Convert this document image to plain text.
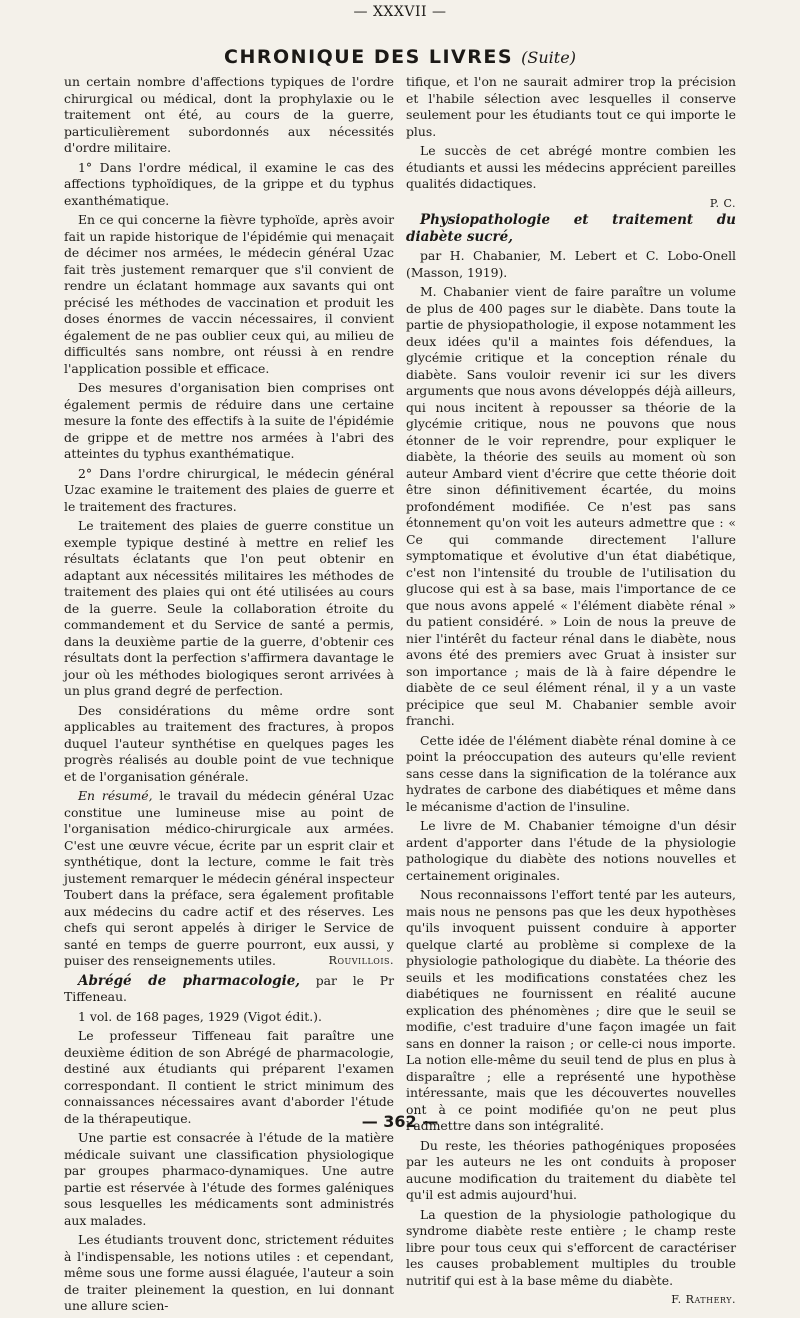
— XXXVII —
CHRONIQUE DES LIVRES (Suite)

un certain nombre d'affections typiques de l'ordre chirurgical ou médical, dont la prophylaxie ou le traitement ont été, au cours de la guerre, particulièrement subordonnés aux nécessités d'ordre militaire.

1° Dans l'ordre médical, il examine le cas des affections typhoïdiques, de la grippe et du typhus exanthématique.

En ce qui concerne la fièvre typhoïde, après avoir fait un rapide historique de l'épidémie qui menaçait de décimer nos armées, le médecin général Uzac fait très justement remarquer que s'il convient de rendre un éclatant hommage aux savants qui ont précisé les méthodes de vaccination et produit les doses énormes de vaccin nécessaires, il convient également de ne pas oublier ceux qui, au milieu de difficultés sans nombre, ont réussi à en rendre l'application possible et efficace.

Des mesures d'organisation bien comprises ont également permis de réduire dans une certaine mesure la fonte des effectifs à la suite de l'épidémie de grippe et de mettre nos armées à l'abri des atteintes du typhus exanthématique.

2° Dans l'ordre chirurgical, le médecin général Uzac examine le traitement des plaies de guerre et le traitement des fractures.

Le traitement des plaies de guerre constitue un exemple typique destiné à mettre en relief les résultats éclatants que l'on peut obtenir en adaptant aux nécessités militaires les méthodes de traitement des plaies qui ont été utilisées au cours de la guerre. Seule la collaboration étroite du commandement et du Service de santé a permis, dans la deuxième partie de la guerre, d'obtenir ces résultats dont la perfection s'affirmera davantage le jour où les méthodes biologiques seront arrivées à un plus grand degré de perfection.

Des considérations du même ordre sont applicables au traitement des fractures, à propos duquel l'auteur synthétise en quelques pages les progrès réalisés au double point de vue technique et de l'organisation générale.

En résumé, le travail du médecin général Uzac constitue une lumineuse mise au point de l'organisation médico-chirurgicale aux armées. C'est une œuvre vécue, écrite par un esprit clair et synthétique, dont la lecture, comme le fait très justement remarquer le médecin général inspecteur Toubert dans la préface, sera également profitable aux médecins du cadre actif et des réserves. Les chefs qui seront appelés à diriger le Service de santé en temps de guerre pourront, eux aussi, y puiser des renseignements utiles.	Rouvillois.

Abrégé de pharmacologie, par le Pr Tiffeneau.

1 vol. de 168 pages, 1929 (Vigot édit.).

Le professeur Tiffeneau fait paraître une deuxième édition de son Abrégé de pharmacologie, destiné aux étudiants qui préparent l'examen correspondant. Il contient le strict minimum des connaissances nécessaires avant d'aborder l'étude de la thérapeutique.

Une partie est consacrée à l'étude de la matière médicale suivant une classification physiologique par groupes pharmaco-dynamiques. Une autre partie est réservée à l'étude des formes galéniques sous lesquelles les médicaments sont administrés aux malades.

Les étudiants trouvent donc, strictement réduites à l'indispensable, les notions utiles : et cependant, même sous une forme aussi élaguée, l'auteur a soin de traiter pleinement la question, en lui donnant une allure scien-

tifique, et l'on ne saurait admirer trop la précision et l'habile sélection avec lesquelles il conserve seulement pour les étudiants tout ce qui importe le plus.

Le succès de cet abrégé montre combien les étudiants et aussi les médecins apprécient pareilles qualités didactiques.

P. C.

Physiopathologie et traitement du diabète sucré,

par H. Chabanier, M. Lebert et C. Lobo-Onell (Masson, 1919).

M. Chabanier vient de faire paraître un volume de plus de 400 pages sur le diabète. Dans toute la partie de physiopathologie, il expose notamment les deux idées qu'il a maintes fois défendues, la glycémie critique et la conception rénale du diabète. Sans vouloir revenir ici sur les divers arguments que nous avons développés déjà ailleurs, qui nous incitent à repousser sa théorie de la glycémie critique, nous ne pouvons que nous étonner de le voir reprendre, pour expliquer le diabète, la théorie des seuils au moment où son auteur Ambard vient d'écrire que cette théorie doit être sinon définitivement écartée, du moins profondément modifiée. Ce n'est pas sans étonnement qu'on voit les auteurs admettre que : « Ce qui commande directement l'allure symptomatique et évolutive d'un état diabétique, c'est non l'intensité du trouble de l'utilisation du glucose qui est à sa base, mais l'importance de ce que nous avons appelé « l'élément diabète rénal » du patient considéré. » Loin de nous la preuve de nier l'intérêt du facteur rénal dans le diabète, nous avons été des premiers avec Gruat à insister sur son importance ; mais de là à faire dépendre le diabète de ce seul élément rénal, il y a un vaste précipice que seul M. Chabanier semble avoir franchi.

Cette idée de l'élément diabète rénal domine à ce point la préoccupation des auteurs qu'elle revient sans cesse dans la signification de la tolérance aux hydrates de carbone des diabétiques et même dans le mécanisme d'action de l'insuline.

Le livre de M. Chabanier témoigne d'un désir ardent d'apporter dans l'étude de la physiologie pathologique du diabète des notions nouvelles et certainement originales.

Nous reconnaissons l'effort tenté par les auteurs, mais nous ne pensons pas que les deux hypothèses qu'ils invoquent puissent conduire à apporter quelque clarté au problème si complexe de la physiologie pathologique du diabète. La théorie des seuils et les modifications constatées chez les diabétiques ne fournissent en réalité aucune explication des phénomènes ; dire que le seuil se modifie, c'est traduire d'une façon imagée un fait sans en donner la raison ; or celle-ci nous importe. La notion elle-même du seuil tend de plus en plus à disparaître ; elle a représenté une hypothèse intéressante, mais que les découvertes nouvelles ont à ce point modifiée qu'on ne peut plus l'admettre dans son intégralité.

Du reste, les théories pathogéniques proposées par les auteurs ne les ont conduits à proposer aucune modification du traitement du diabète tel qu'il est admis aujourd'hui.

La question de la physiologie pathologique du syndrome diabète reste entière ; le champ reste libre pour tous ceux qui s'efforcent de caractériser les causes probablement multiples du trouble nutritif qui est à la base même du diabète.

F. Rathery.
— 362 —
